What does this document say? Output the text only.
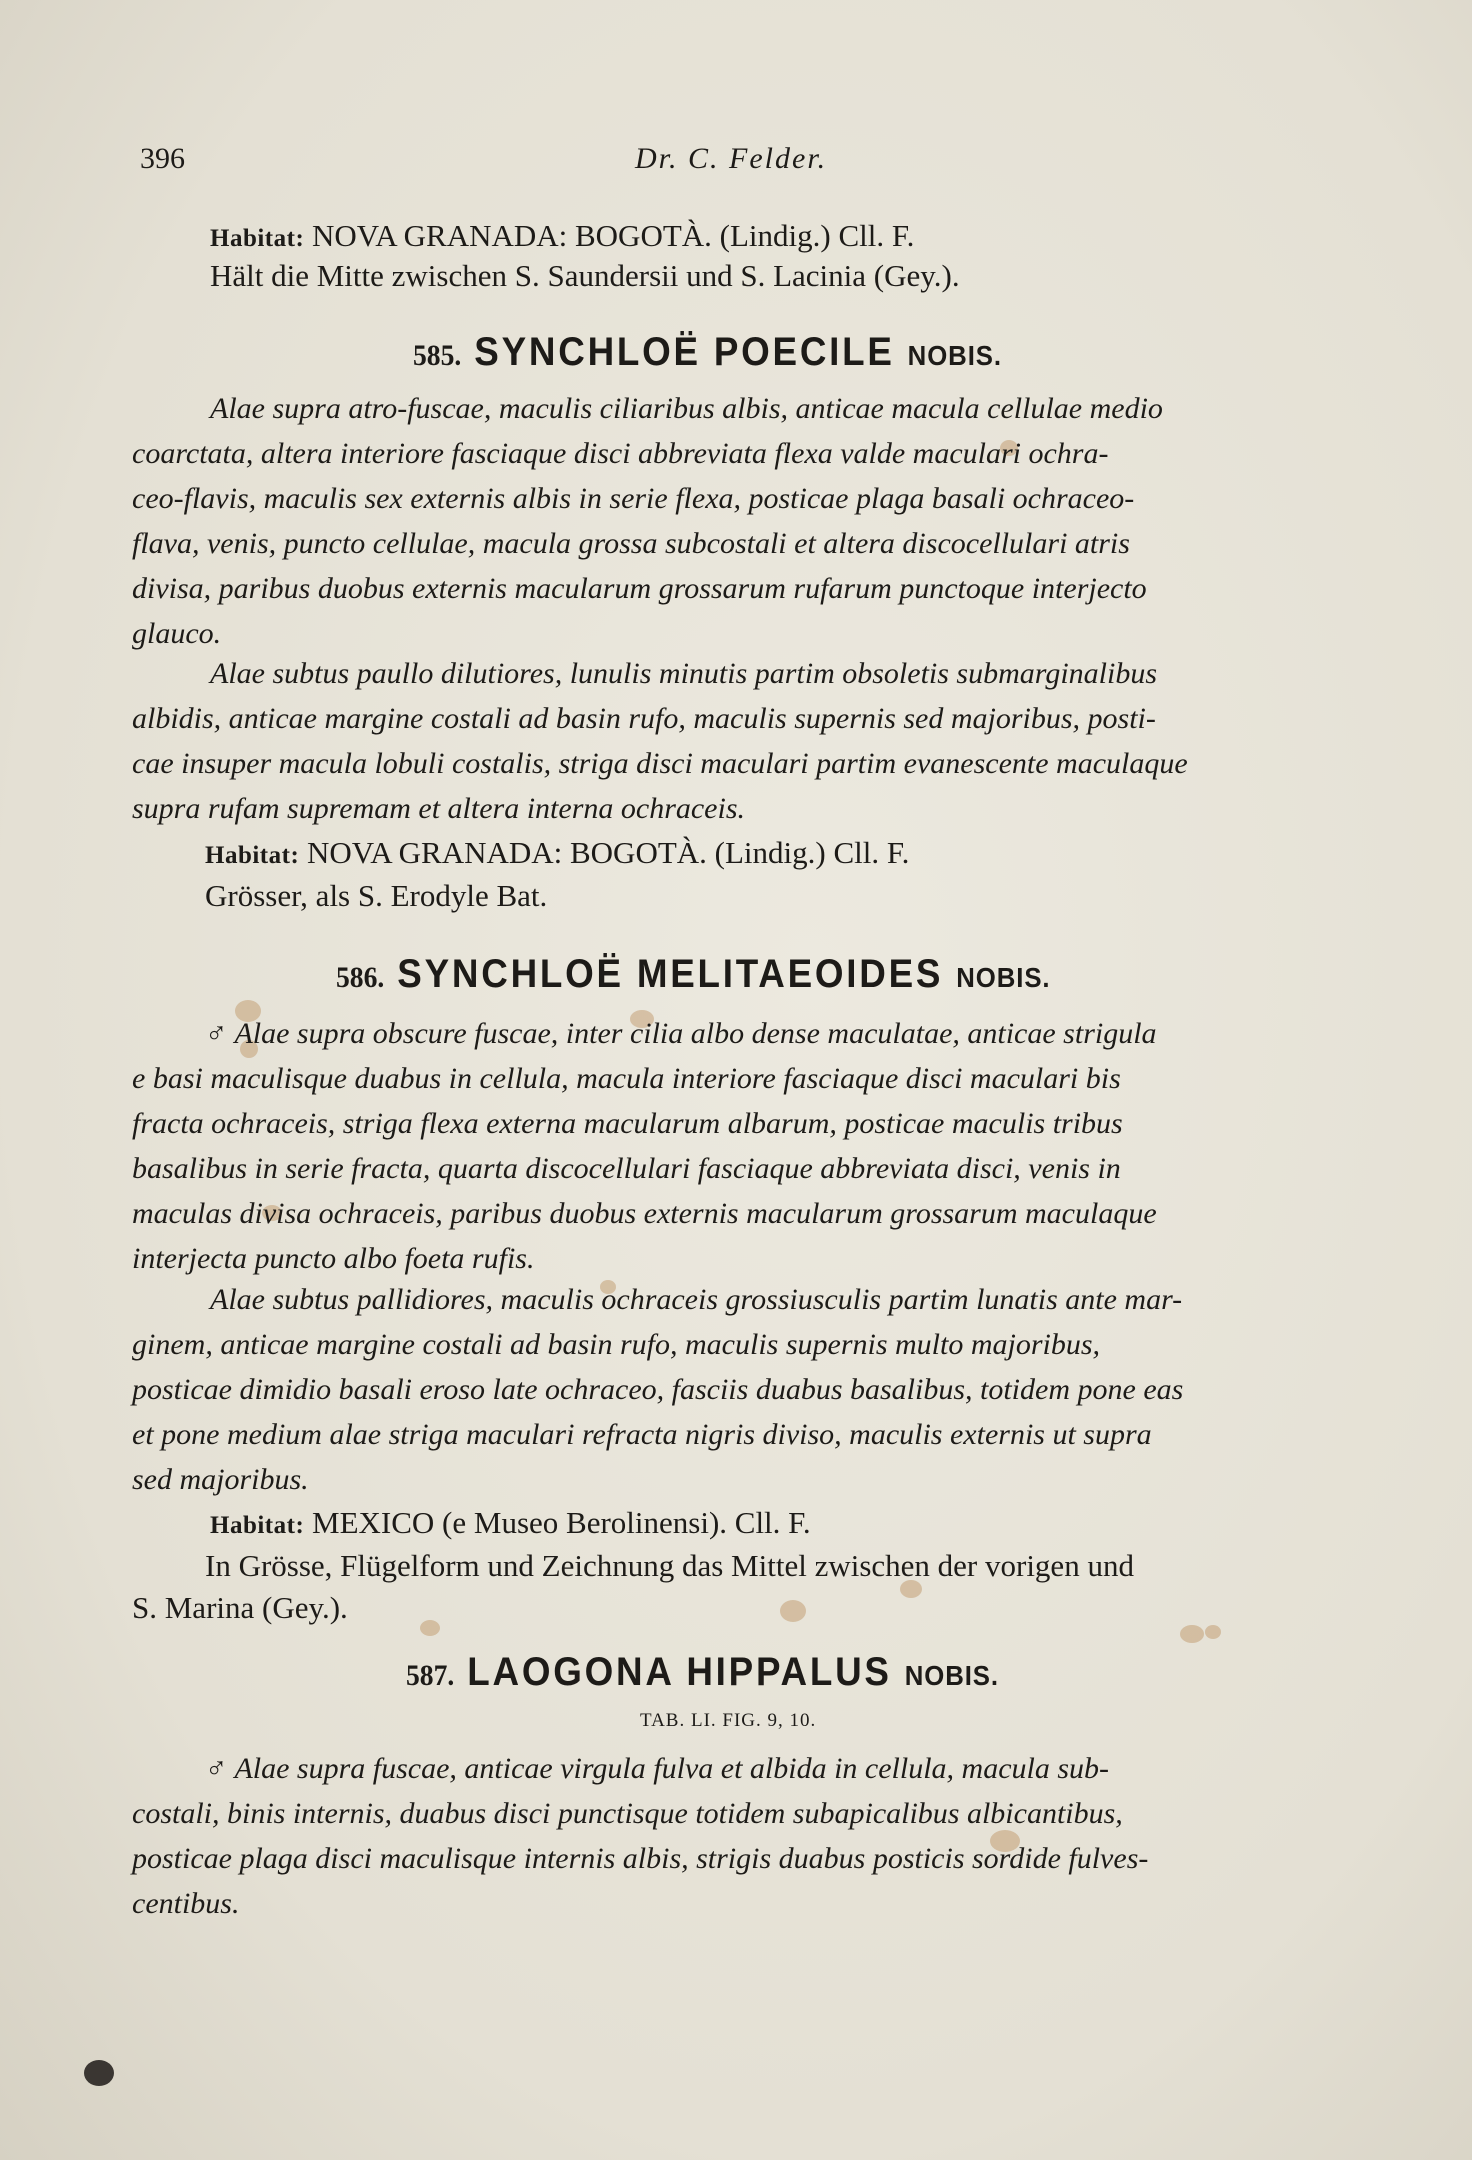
396	Dr. C. Felder.
Habitat: NOVA GRANADA: BOGOTÀ. (Lindig.) Cll. F.
Hält die Mitte zwischen S. Saundersii und S. Lacinia (Gey.).
585. SYNCHLOË POECILE NOBIS.
Alae supra atro-fuscae, maculis ciliaribus albis, anticae macula cellulae medio
coarctata, altera interiore fasciaque disci abbreviata flexa valde maculari ochra-
ceo-flavis, maculis sex externis albis in serie flexa, posticae plaga basali ochraceo-
flava, venis, puncto cellulae, macula grossa subcostali et altera discocellulari atris
divisa, paribus duobus externis macularum grossarum rufarum punctoque interjecto
glauco.
Alae subtus paullo dilutiores, lunulis minutis partim obsoletis submarginalibus
albidis, anticae margine costali ad basin rufo, maculis supernis sed majoribus, posti-
cae insuper macula lobuli costalis, striga disci maculari partim evanescente maculaque
supra rufam supremam et altera interna ochraceis.
Habitat: NOVA GRANADA: BOGOTÀ. (Lindig.) Cll. F.
Grösser, als S. Erodyle Bat.
586. SYNCHLOË MELITAEOIDES NOBIS.
♂ Alae supra obscure fuscae, inter cilia albo dense maculatae, anticae strigula
e basi maculisque duabus in cellula, macula interiore fasciaque disci maculari bis
fracta ochraceis, striga flexa externa macularum albarum, posticae maculis tribus
basalibus in serie fracta, quarta discocellulari fasciaque abbreviata disci, venis in
maculas divisa ochraceis, paribus duobus externis macularum grossarum maculaque
interjecta puncto albo foeta rufis.
Alae subtus pallidiores, maculis ochraceis grossiusculis partim lunatis ante mar-
ginem, anticae margine costali ad basin rufo, maculis supernis multo majoribus,
posticae dimidio basali eroso late ochraceo, fasciis duabus basalibus, totidem pone eas
et pone medium alae striga maculari refracta nigris diviso, maculis externis ut supra
sed majoribus.
Habitat: MEXICO (e Museo Berolinensi). Cll. F.
In Grösse, Flügelform und Zeichnung das Mittel zwischen der vorigen und
S. Marina (Gey.).
587. LAOGONA HIPPALUS NOBIS.
TAB. LI. FIG. 9, 10.
♂ Alae supra fuscae, anticae virgula fulva et albida in cellula, macula sub-
costali, binis internis, duabus disci punctisque totidem subapicalibus albicantibus,
posticae plaga disci maculisque internis albis, strigis duabus posticis sordide fulves-
centibus.
